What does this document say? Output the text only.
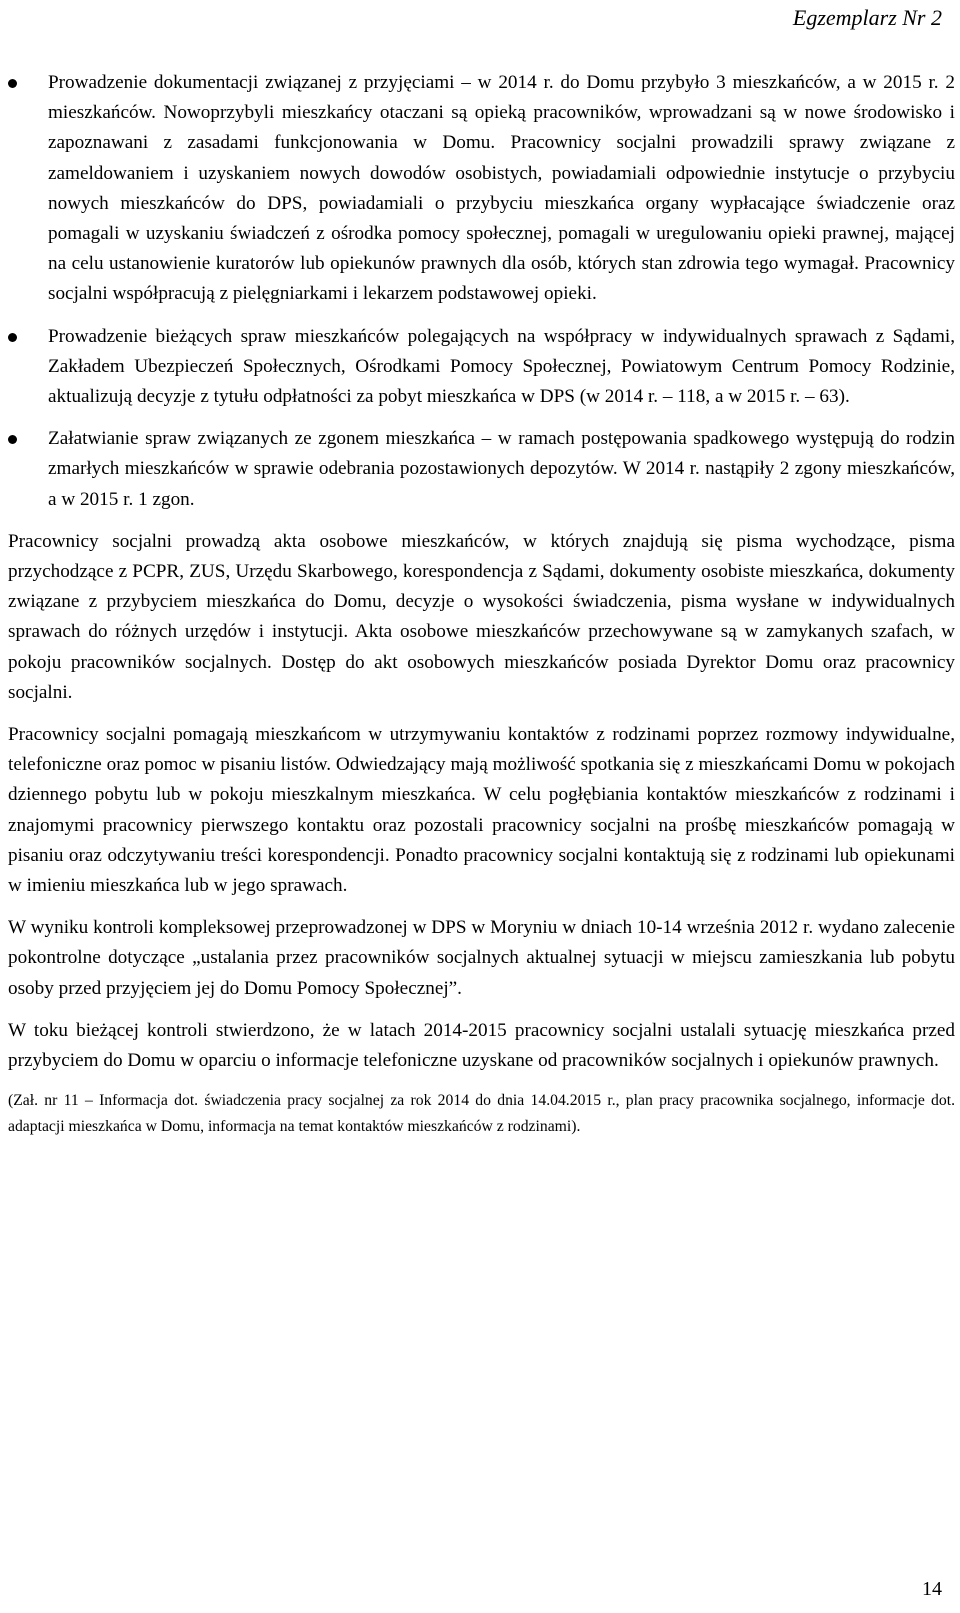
Egzemplarz Nr 2
Prowadzenie dokumentacji związanej z przyjęciami – w 2014 r. do Domu przybyło 3 mieszkańców, a w 2015 r. 2 mieszkańców. Nowoprzybyli mieszkańcy otaczani są opieką pracowników, wprowadzani są w nowe środowisko i zapoznawani z zasadami funkcjonowania w Domu. Pracownicy socjalni prowadzili sprawy związane z zameldowaniem i uzyskaniem nowych dowodów osobistych, powiadamiali odpowiednie instytucje o przybyciu nowych mieszkańców do DPS, powiadamiali o przybyciu mieszkańca organy wypłacające świadczenie oraz pomagali w uzyskaniu świadczeń z ośrodka pomocy społecznej, pomagali w uregulowaniu opieki prawnej, mającej na celu ustanowienie kuratorów lub opiekunów prawnych dla osób, których stan zdrowia tego wymagał. Pracownicy socjalni współpracują z pielęgniarkami i lekarzem podstawowej opieki.
Prowadzenie bieżących spraw mieszkańców polegających na współpracy w indywidualnych sprawach z Sądami, Zakładem Ubezpieczeń Społecznych, Ośrodkami Pomocy Społecznej, Powiatowym Centrum Pomocy Rodzinie, aktualizują decyzje z tytułu odpłatności za pobyt mieszkańca w DPS (w 2014 r. – 118, a w 2015 r. – 63).
Załatwianie spraw związanych ze zgonem mieszkańca – w ramach postępowania spadkowego występują do rodzin zmarłych mieszkańców w sprawie odebrania pozostawionych depozytów. W 2014 r. nastąpiły 2 zgony mieszkańców, a w 2015 r. 1 zgon.

Pracownicy socjalni prowadzą akta osobowe mieszkańców, w których znajdują się pisma wychodzące, pisma przychodzące z PCPR, ZUS, Urzędu Skarbowego, korespondencja z Sądami, dokumenty osobiste mieszkańca, dokumenty związane z przybyciem mieszkańca do Domu, decyzje o wysokości świadczenia, pisma wysłane w indywidualnych sprawach do różnych urzędów i instytucji. Akta osobowe mieszkańców przechowywane są w zamykanych szafach, w pokoju pracowników socjalnych. Dostęp do akt osobowych mieszkańców posiada Dyrektor Domu oraz pracownicy socjalni.

Pracownicy socjalni pomagają mieszkańcom w utrzymywaniu kontaktów z rodzinami poprzez rozmowy indywidualne, telefoniczne oraz pomoc w pisaniu listów. Odwiedzający mają możliwość spotkania się z mieszkańcami Domu w pokojach dziennego pobytu lub w pokoju mieszkalnym mieszkańca. W celu pogłębiania kontaktów mieszkańców z rodzinami i znajomymi pracownicy pierwszego kontaktu oraz pozostali pracownicy socjalni na prośbę mieszkańców pomagają w pisaniu oraz odczytywaniu treści korespondencji. Ponadto pracownicy socjalni kontaktują się z rodzinami lub opiekunami w imieniu mieszkańca lub w jego sprawach.

W wyniku kontroli kompleksowej przeprowadzonej w DPS w Moryniu w dniach 10-14 września 2012 r. wydano zalecenie pokontrolne dotyczące „ustalania przez pracowników socjalnych aktualnej sytuacji w miejscu zamieszkania lub pobytu osoby przed przyjęciem jej do Domu Pomocy Społecznej”.

W toku bieżącej kontroli stwierdzono, że w latach 2014-2015 pracownicy socjalni ustalali sytuację mieszkańca przed przybyciem do Domu w oparciu o informacje telefoniczne uzyskane od pracowników socjalnych i opiekunów prawnych.

(Zał. nr 11 – Informacja dot. świadczenia pracy socjalnej za rok 2014 do dnia 14.04.2015 r., plan pracy pracownika socjalnego, informacje dot. adaptacji mieszkańca w Domu, informacja na temat kontaktów mieszkańców z rodzinami).

14
